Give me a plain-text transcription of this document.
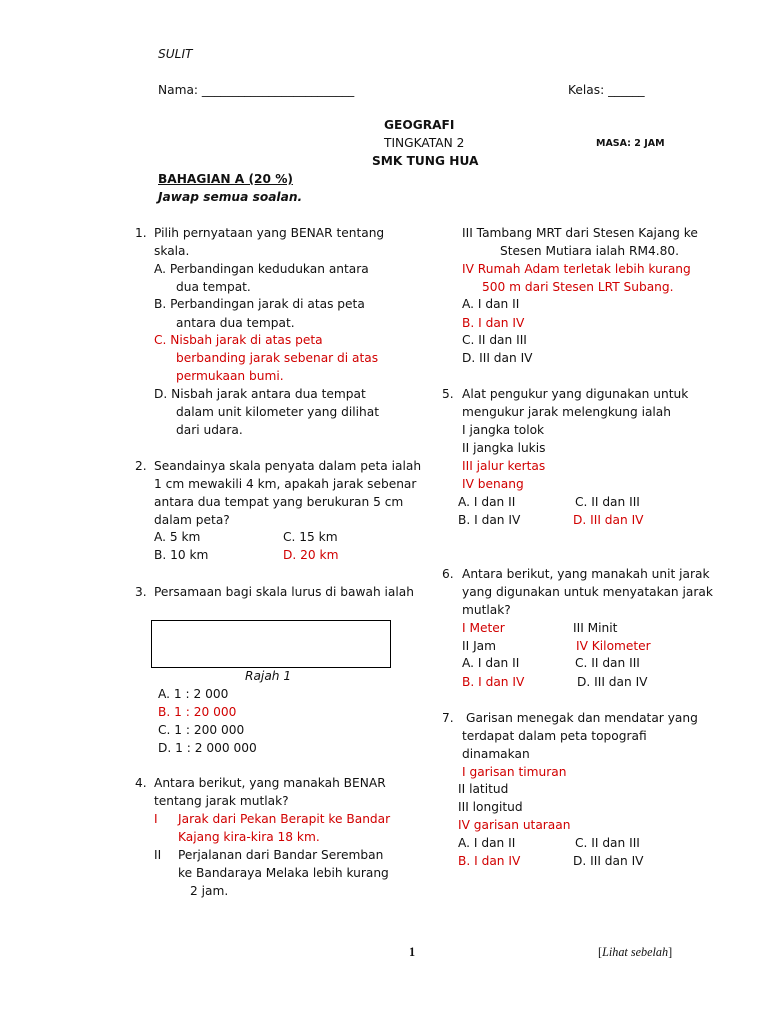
SULIT
Nama: _________________________	Kelas: ______
GEOGRAFI
TINGKATAN 2	MASA: 2 JAM
SMK TUNG HUA
BAHAGIAN A (20 %)
Jawap semua soalan.
1. Pilih pernyataan yang BENAR tentang
skala.
A. Perbandingan kedudukan antara
dua tempat.
B. Perbandingan jarak di atas peta
antara dua tempat.
C. Nisbah jarak di atas peta
berbanding jarak sebenar di atas
permukaan bumi.
D. Nisbah jarak antara dua tempat
dalam unit kilometer yang dilihat
dari udara.
2. Seandainya skala penyata dalam peta ialah
1 cm mewakili 4 km, apakah jarak sebenar
antara dua tempat yang berukuran 5 cm
dalam peta?
A. 5 km	C. 15 km
B. 10 km	D. 20 km
3. Persamaan bagi skala lurus di bawah ialah
Rajah 1
A. 1 : 2 000
B. 1 : 20 000
C. 1 : 200 000
D. 1 : 2 000 000
4. Antara berikut, yang manakah BENAR
tentang jarak mutlak?
I Jarak dari Pekan Berapit ke Bandar
Kajang kira-kira 18 km.
II Perjalanan dari Bandar Seremban
ke Bandaraya Melaka lebih kurang
2 jam.
III Tambang MRT dari Stesen Kajang ke
Stesen Mutiara ialah RM4.80.
IV Rumah Adam terletak lebih kurang
500 m dari Stesen LRT Subang.
A. I dan II
B. I dan IV
C. II dan III
D. III dan IV
5. Alat pengukur yang digunakan untuk
mengukur jarak melengkung ialah
I jangka tolok
II jangka lukis
III jalur kertas
IV benang
A. I dan II	C. II dan III
B. I dan IV	D. III dan IV
6. Antara berikut, yang manakah unit jarak
yang digunakan untuk menyatakan jarak
mutlak?
I Meter	III Minit
II Jam	IV Kilometer
A. I dan II	C. II dan III
B. I dan IV	D. III dan IV
7. Garisan menegak dan mendatar yang
terdapat dalam peta topografi
dinamakan
I garisan timuran
II latitud
III longitud
IV garisan utaraan
A. I dan II	C. II dan III
B. I dan IV	D. III dan IV
1	[Lihat sebelah]
